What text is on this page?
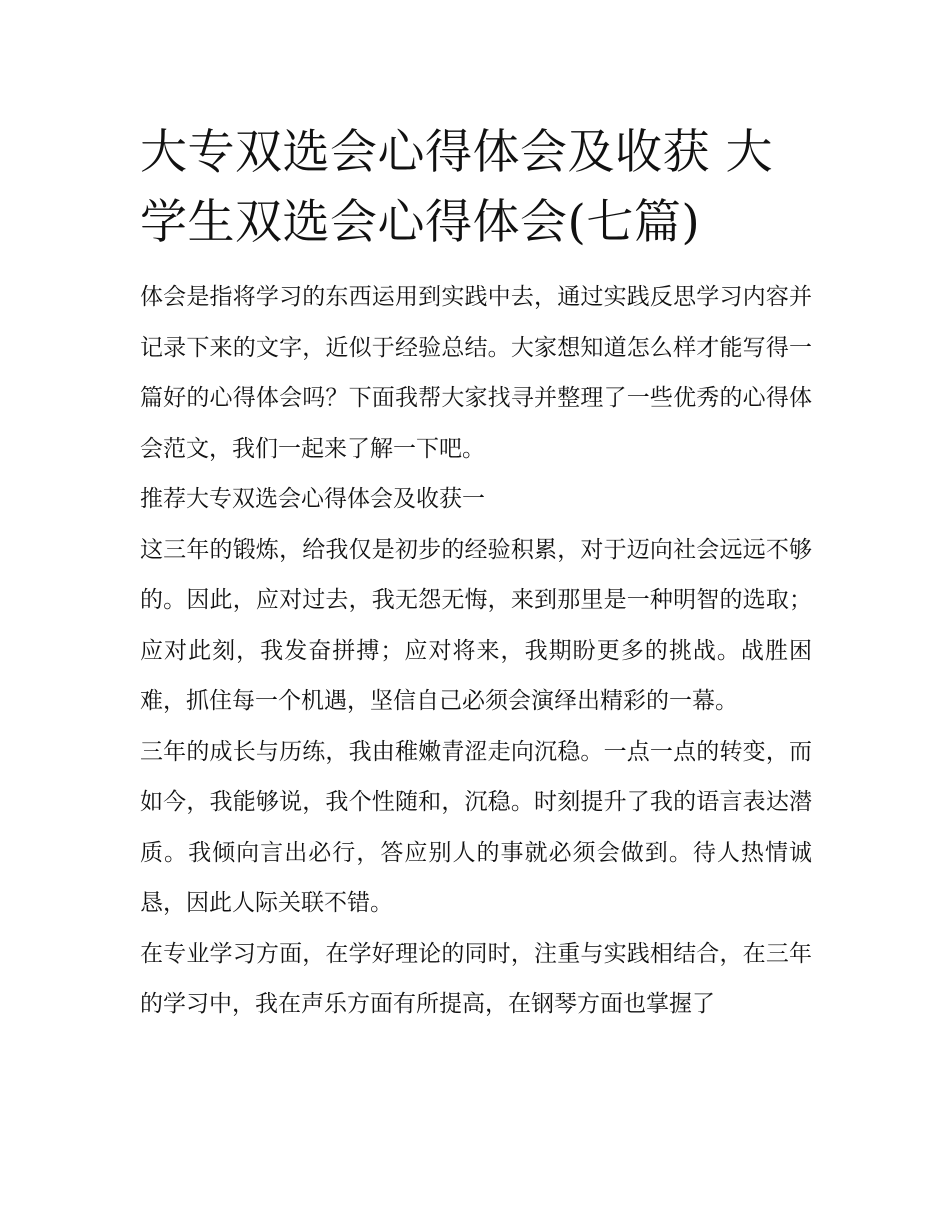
大专双选会心得体会及收获 大学生双选会心得体会(七篇)

体会是指将学习的东西运用到实践中去，通过实践反思学习内容并记录下来的文字，近似于经验总结。大家想知道怎么样才能写得一篇好的心得体会吗？下面我帮大家找寻并整理了一些优秀的心得体会范文，我们一起来了解一下吧。

推荐大专双选会心得体会及收获一

这三年的锻炼，给我仅是初步的经验积累，对于迈向社会远远不够的。因此，应对过去，我无怨无悔，来到那里是一种明智的选取；应对此刻，我发奋拼搏；应对将来，我期盼更多的挑战。战胜困难，抓住每一个机遇，坚信自己必须会演绎出精彩的一幕。

三年的成长与历练，我由稚嫩青涩走向沉稳。一点一点的转变，而如今，我能够说，我个性随和，沉稳。时刻提升了我的语言表达潜质。我倾向言出必行，答应别人的事就必须会做到。待人热情诚恳，因此人际关联不错。

在专业学习方面，在学好理论的同时，注重与实践相结合，在三年的学习中，我在声乐方面有所提高，在钢琴方面也掌握了
